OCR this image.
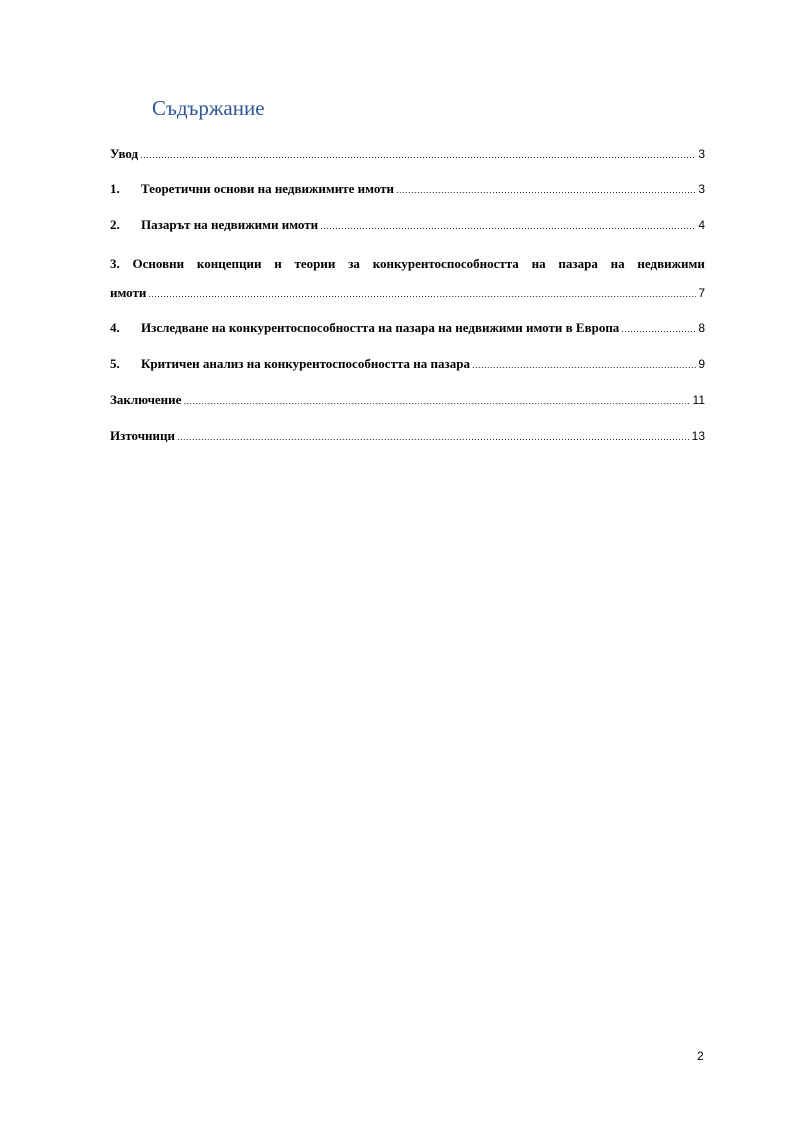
Съдържание
Увод .....	3
1. Теоретични основи на недвижимите имоти .....	3
2. Пазарът на недвижими имоти .....	4
3. Основни концепции и теории за конкурентоспособността на пазара на недвижими
имоти .....	7
4. Изследване на конкурентоспособността на пазара на недвижими имоти в Европа .....	8
5. Критичен анализ на конкурентоспособността на пазара .....	9
Заключение .....	11
Източници .....	13
2
